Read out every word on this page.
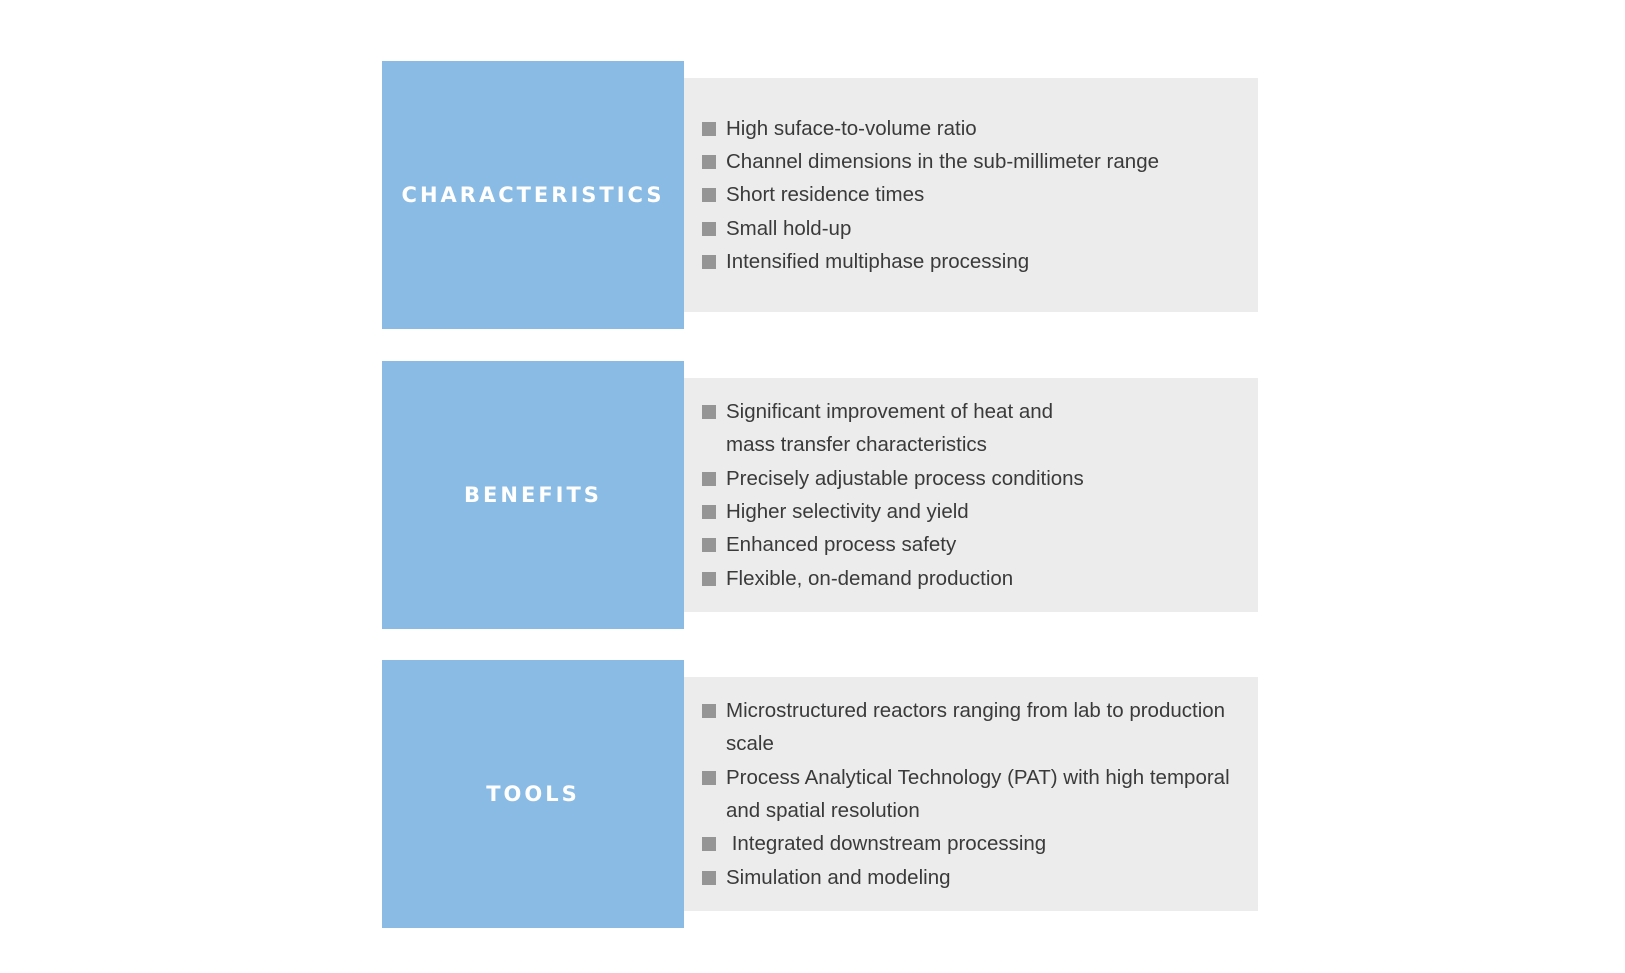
CHARACTERISTICS
High suface-to-volume ratio
Channel dimensions in the sub-millimeter range
Short residence times
Small hold-up
Intensified multiphase processing
BENEFITS
Significant improvement of heat and mass transfer characteristics
Precisely adjustable process conditions
Higher selectivity and yield
Enhanced process safety
Flexible, on-demand production
TOOLS
Microstructured reactors ranging from lab to production scale
Process Analytical Technology (PAT) with high temporal and spatial resolution
Integrated downstream processing
Simulation and modeling
